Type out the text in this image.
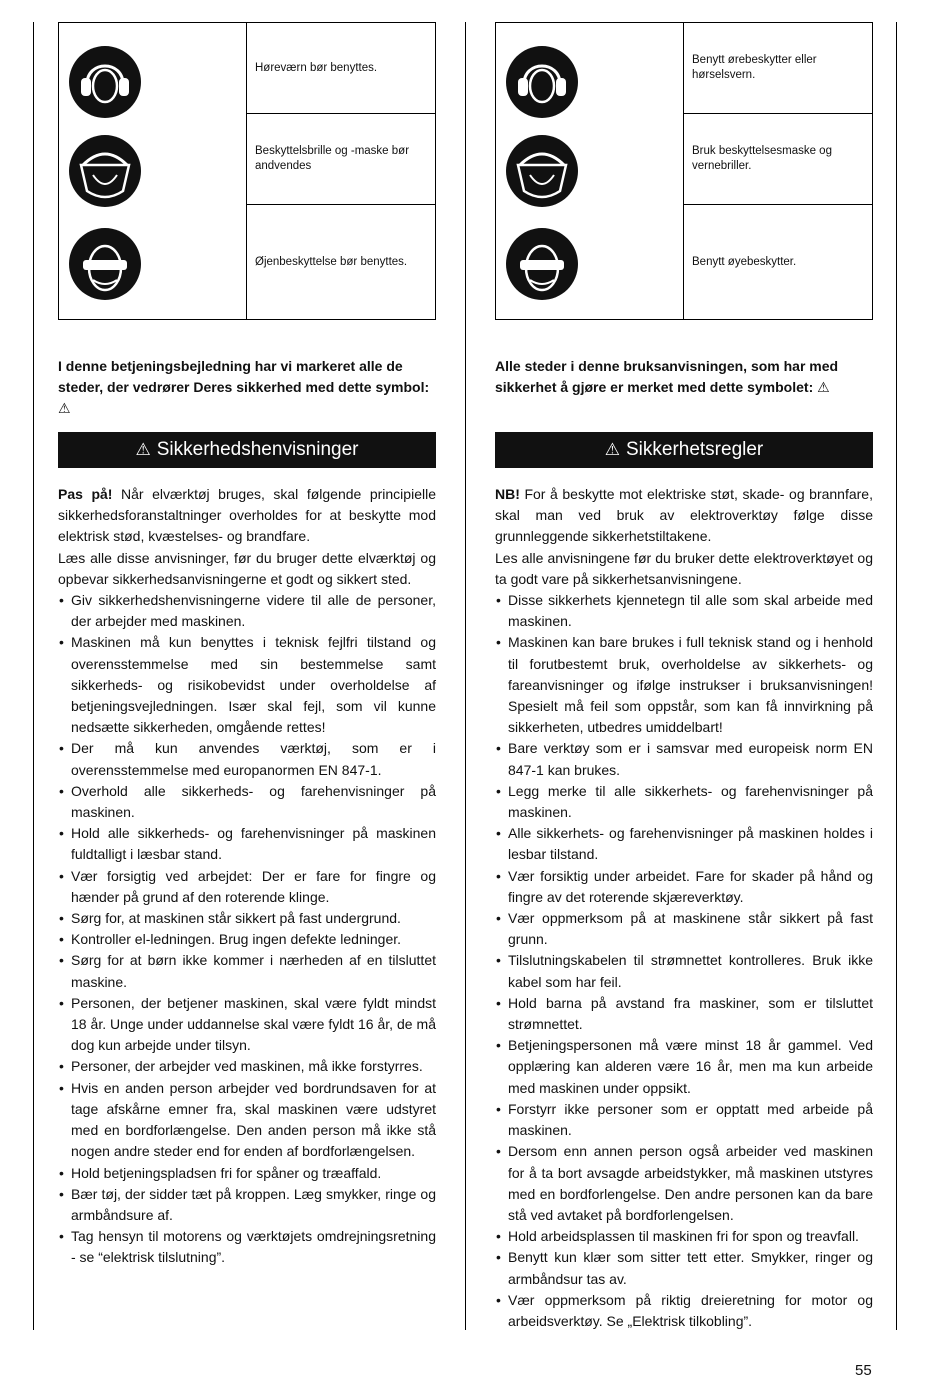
Høreværn bør benyttes.
Beskyttelsbrille og -maske bør andvendes
Øjenbeskyttelse bør benyttes.
I denne betjeningsbejledning har vi markeret alle de steder, der vedrører Deres sikkerhed med dette symbol: ⚠
⚠ Sikkerhedshenvisninger

Pas på! Når elværktøj bruges, skal følgende principielle sikkerhedsforanstaltninger overholdes for at beskytte mod elektrisk stød, kvæstelses- og brandfare.

Læs alle disse anvisninger, før du bruger dette elværktøj og opbevar sikkerhedsanvisningerne et godt og sikkert sted.

• Giv sikkerhedshenvisningerne videre til alle de personer, der arbejder med maskinen.
• Maskinen må kun benyttes i teknisk fejlfri tilstand og overensstemmelse med sin bestemmelse samt sikkerheds- og risikobevidst under overholdelse af betjeningsvejledningen. Især skal fejl, som vil kunne nedsætte sikkerheden, omgående rettes!
• Der må kun anvendes værktøj, som er i overensstemmelse med europanormen EN 847-1.
• Overhold alle sikkerheds- og farehenvisninger på maskinen.
• Hold alle sikkerheds- og farehenvisninger på maskinen fuldtalligt i læsbar stand.
• Vær forsigtig ved arbejdet: Der er fare for fingre og hænder på grund af den roterende klinge.
• Sørg for, at maskinen står sikkert på fast undergrund.
• Kontroller el-ledningen. Brug ingen defekte ledninger.
• Sørg for at børn ikke kommer i nærheden af en tilsluttet maskine.
• Personen, der betjener maskinen, skal være fyldt mindst 18 år. Unge under uddannelse skal være fyldt 16 år, de må dog kun arbejde under tilsyn.
• Personer, der arbejder ved maskinen, må ikke forstyrres.
• Hvis en anden person arbejder ved bordrundsaven for at tage afskårne emner fra, skal maskinen være udstyret med en bordforlængelse. Den anden person må ikke stå nogen andre steder end for enden af bordforlængelsen.
• Hold betjeningspladsen fri for spåner og træaffald.
• Bær tøj, der sidder tæt på kroppen. Læg smykker, ringe og armbåndsure af.
• Tag hensyn til motorens og værktøjets omdrejningsretning - se “elektrisk tilslutning”.
Benytt ørebeskytter eller hørselsvern.
Bruk beskyttelsesmaske og vernebriller.
Benytt øyebeskytter.
Alle steder i denne bruksanvisningen, som har med sikkerhet å gjøre er merket med dette symbolet: ⚠
⚠ Sikkerhetsregler

NB! For å beskytte mot elektriske støt, skade- og brannfare, skal man ved bruk av elektroverktøy følge disse grunnleggende sikkerhetstiltakene.

Les alle anvisningene før du bruker dette elektroverktøyet og ta godt vare på sikkerhetsanvisningene.

• Disse sikkerhets kjennetegn til alle som skal arbeide med maskinen.
• Maskinen kan bare brukes i full teknisk stand og i henhold til forutbestemt bruk, overholdelse av sikkerhets- og fareanvisninger og ifølge instrukser i bruksanvisningen! Spesielt må feil som oppstår, som kan få innvirkning på sikkerheten, utbedres umiddelbart!
• Bare verktøy som er i samsvar med europeisk norm EN 847-1 kan brukes.
• Legg merke til alle sikkerhets- og farehenvisninger på maskinen.
• Alle sikkerhets- og farehenvisninger på maskinen holdes i lesbar tilstand.
• Vær forsiktig under arbeidet. Fare for skader på hånd og fingre av det roterende skjæreverktøy.
• Vær oppmerksom på at maskinene står sikkert på fast grunn.
• Tilslutningskabelen til strømnettet kontrolleres. Bruk ikke kabel som har feil.
• Hold barna på avstand fra maskiner, som er tilsluttet strømnettet.
• Betjeningspersonen må være minst 18 år gammel. Ved opplæring kan alderen være 16 år, men ma kun arbeide med maskinen under oppsikt.
• Forstyrr ikke personer som er opptatt med arbeide på maskinen.
• Dersom enn annen person også arbeider ved maskinen for å ta bort avsagde arbeidstykker, må maskinen utstyres med en bordforlengelse. Den andre personen kan da bare stå ved avtaket på bordforlengelsen.
• Hold arbeidsplassen til maskinen fri for spon og treavfall.
• Benytt kun klær som sitter tett etter. Smykker, ringer og armbåndsur tas av.
• Vær oppmerksom på riktig dreieretning for motor og arbeidsverktøy. Se „Elektrisk tilkobling”.
55
